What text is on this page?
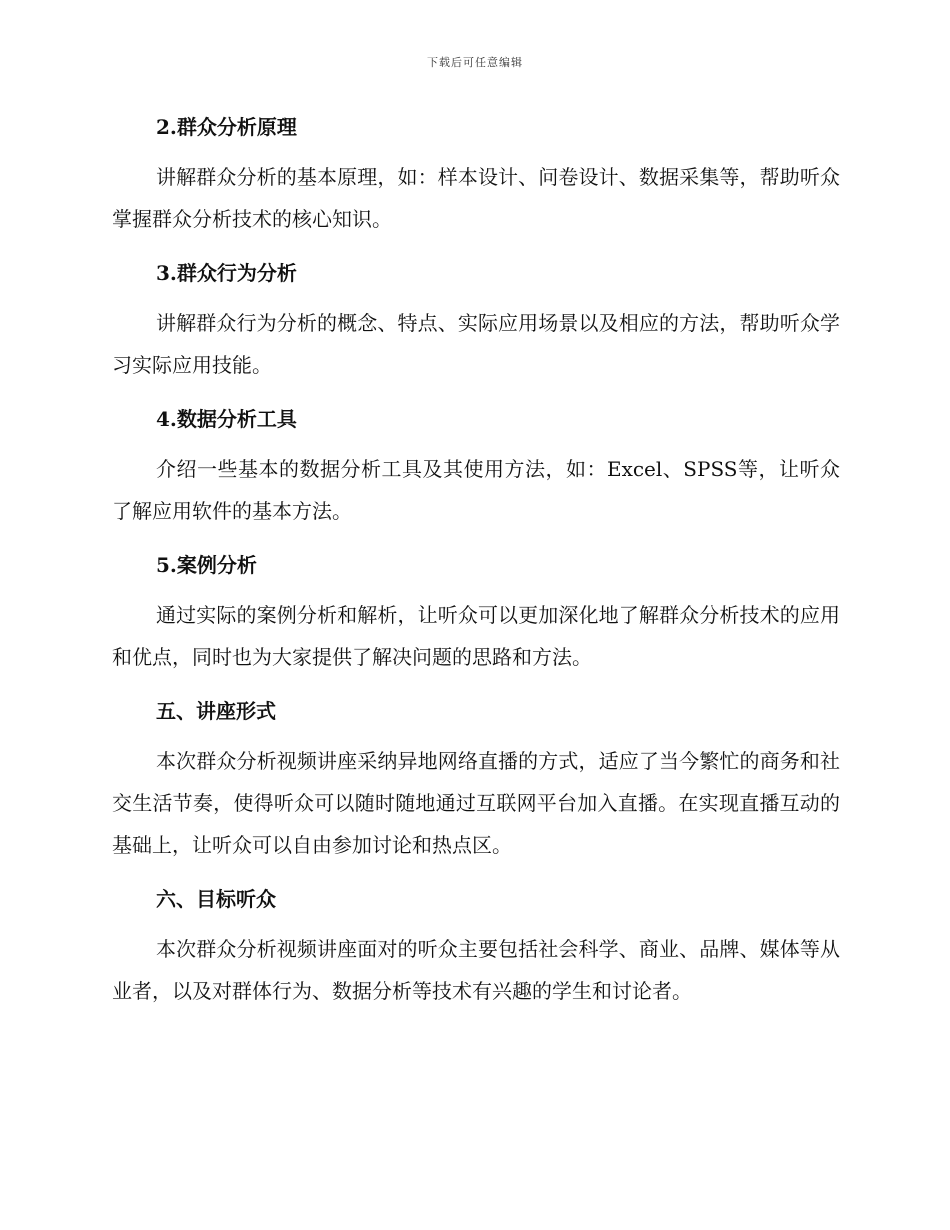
下载后可任意编辑
2.群众分析原理
讲解群众分析的基本原理，如：样本设计、问卷设计、数据采集等，帮助听众掌握群众分析技术的核心知识。
3.群众行为分析
讲解群众行为分析的概念、特点、实际应用场景以及相应的方法，帮助听众学习实际应用技能。
4.数据分析工具
介绍一些基本的数据分析工具及其使用方法，如：Excel、SPSS等，让听众了解应用软件的基本方法。
5.案例分析
通过实际的案例分析和解析，让听众可以更加深化地了解群众分析技术的应用和优点，同时也为大家提供了解决问题的思路和方法。
五、讲座形式
本次群众分析视频讲座采纳异地网络直播的方式，适应了当今繁忙的商务和社交生活节奏，使得听众可以随时随地通过互联网平台加入直播。在实现直播互动的基础上，让听众可以自由参加讨论和热点区。
六、目标听众
本次群众分析视频讲座面对的听众主要包括社会科学、商业、品牌、媒体等从业者，以及对群体行为、数据分析等技术有兴趣的学生和讨论者。
